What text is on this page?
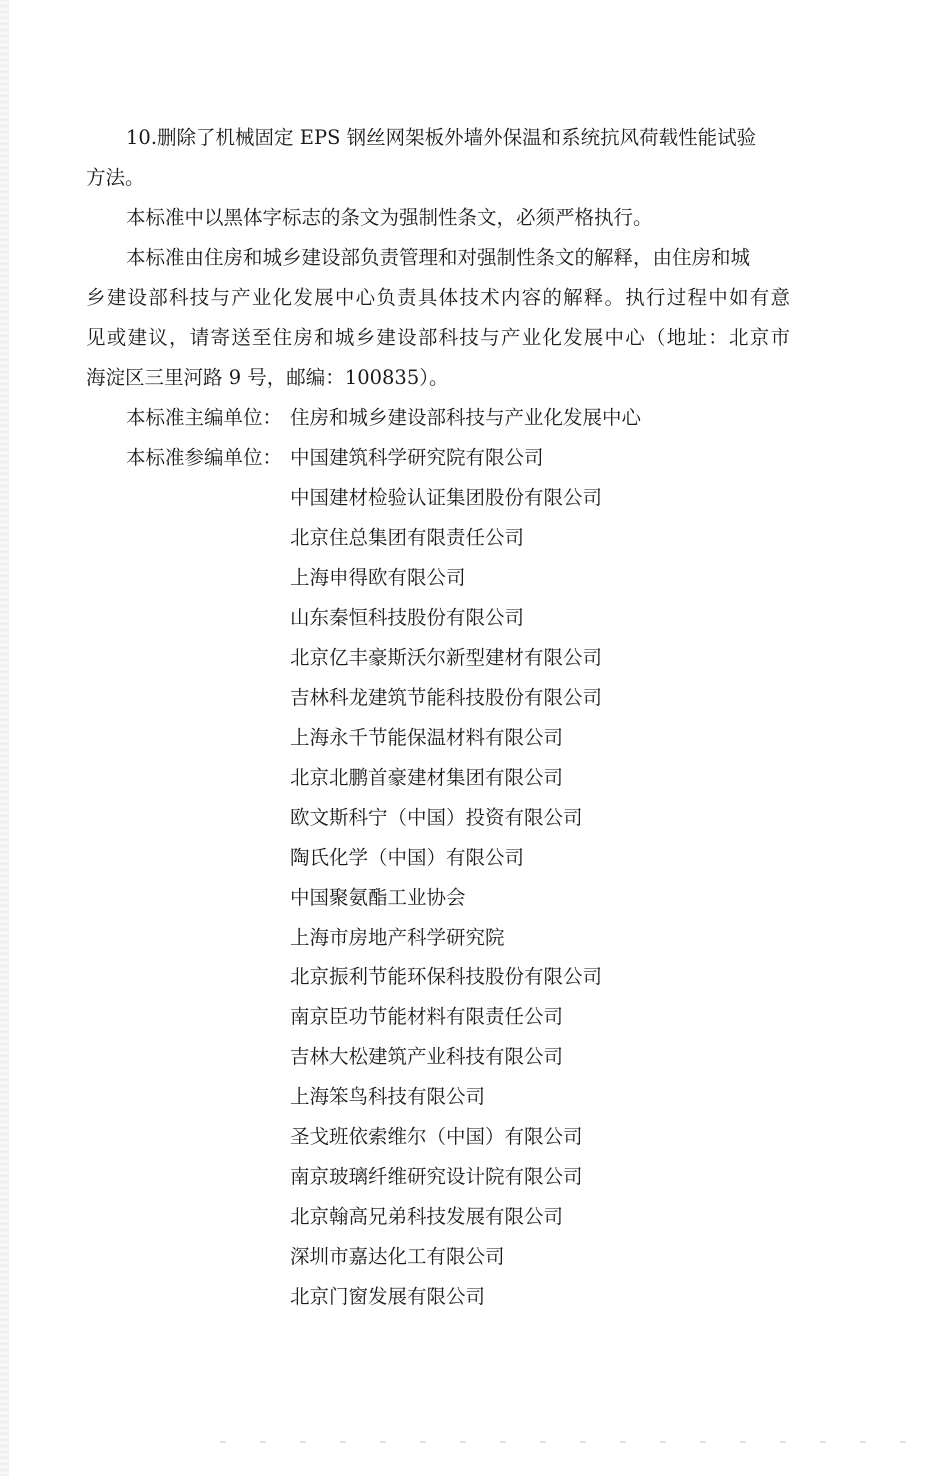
10.删除了机械固定 EPS 钢丝网架板外墙外保温和系统抗风荷载性能试验
方法。
本标准中以黑体字标志的条文为强制性条文，必须严格执行。
本标准由住房和城乡建设部负责管理和对强制性条文的解释，由住房和城
乡建设部科技与产业化发展中心负责具体技术内容的解释。执行过程中如有意
见或建议，请寄送至住房和城乡建设部科技与产业化发展中心（地址：北京市
海淀区三里河路 9 号，邮编：100835）。
本标准主编单位： 住房和城乡建设部科技与产业化发展中心
本标准参编单位： 中国建筑科学研究院有限公司
中国建材检验认证集团股份有限公司
北京住总集团有限责任公司
上海申得欧有限公司
山东秦恒科技股份有限公司
北京亿丰豪斯沃尔新型建材有限公司
吉林科龙建筑节能科技股份有限公司
上海永千节能保温材料有限公司
北京北鹏首豪建材集团有限公司
欧文斯科宁（中国）投资有限公司
陶氏化学（中国）有限公司
中国聚氨酯工业协会
上海市房地产科学研究院
北京振利节能环保科技股份有限公司
南京臣功节能材料有限责任公司
吉林大松建筑产业科技有限公司
上海笨鸟科技有限公司
圣戈班依索维尔（中国）有限公司
南京玻璃纤维研究设计院有限公司
北京翰高兄弟科技发展有限公司
深圳市嘉达化工有限公司
北京门窗发展有限公司
